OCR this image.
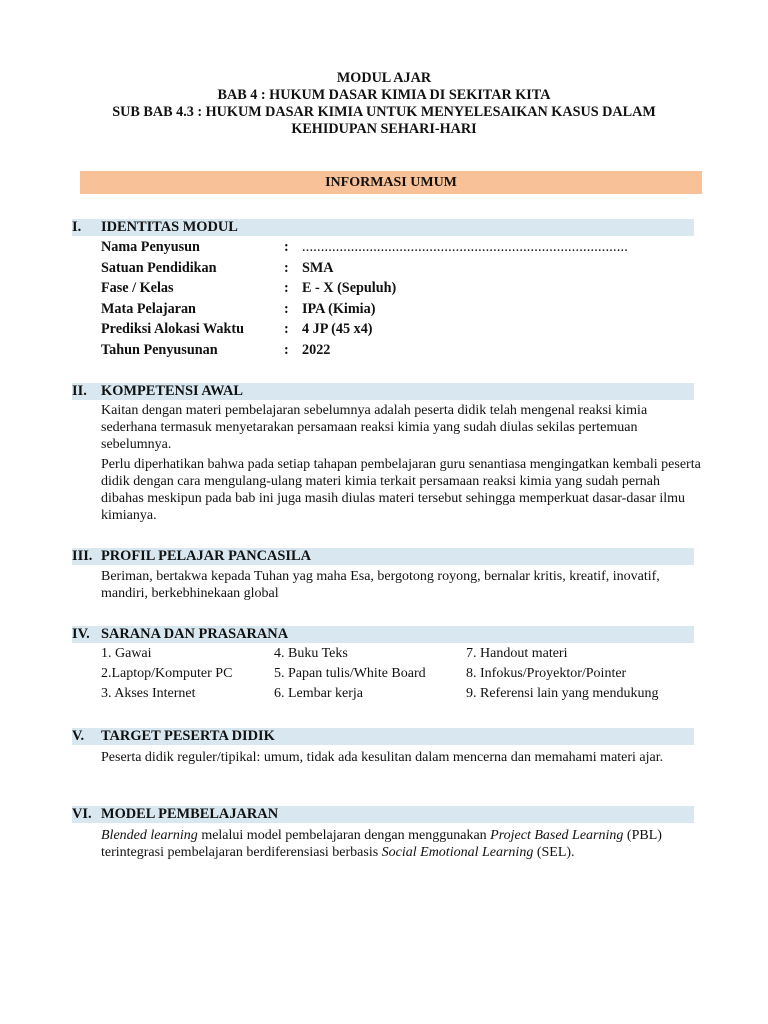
MODUL AJAR
BAB 4 : HUKUM DASAR KIMIA DI SEKITAR KITA
SUB BAB 4.3 : HUKUM DASAR KIMIA UNTUK MENYELESAIKAN KASUS DALAM
KEHIDUPAN SEHARI-HARI
INFORMASI UMUM
I. IDENTITAS MODUL
Nama Penyusun	: .......................................................................................
Satuan Pendidikan	: SMA
Fase / Kelas	: E - X (Sepuluh)
Mata Pelajaran	: IPA (Kimia)
Prediksi Alokasi Waktu	: 4 JP (45 x4)
Tahun Penyusunan	: 2022
II. KOMPETENSI AWAL

Kaitan dengan materi pembelajaran sebelumnya adalah peserta didik telah mengenal reaksi kimia sederhana termasuk menyetarakan persamaan reaksi kimia yang sudah diulas sekilas pertemuan sebelumnya.

Perlu diperhatikan bahwa pada setiap tahapan pembelajaran guru senantiasa mengingatkan kembali peserta didik dengan cara mengulang-ulang materi kimia terkait persamaan reaksi kimia yang sudah pernah dibahas meskipun pada bab ini juga masih diulas materi tersebut sehingga memperkuat dasar-dasar ilmu kimianya.

III. PROFIL PELAJAR PANCASILA

Beriman, bertakwa kepada Tuhan yag maha Esa, bergotong royong, bernalar kritis, kreatif, inovatif, mandiri, berkebhinekaan global

IV. SARANA DAN PRASARANA
1. Gawai	4. Buku Teks	7. Handout materi
2.Laptop/Komputer PC	5. Papan tulis/White Board	8. Infokus/Proyektor/Pointer
3. Akses Internet	6. Lembar kerja	9. Referensi lain yang mendukung
V. TARGET PESERTA DIDIK

Peserta didik reguler/tipikal: umum, tidak ada kesulitan dalam mencerna dan memahami materi ajar.

VI. MODEL PEMBELAJARAN

Blended learning melalui model pembelajaran dengan menggunakan Project Based Learning (PBL) terintegrasi pembelajaran berdiferensiasi berbasis Social Emotional Learning (SEL).
